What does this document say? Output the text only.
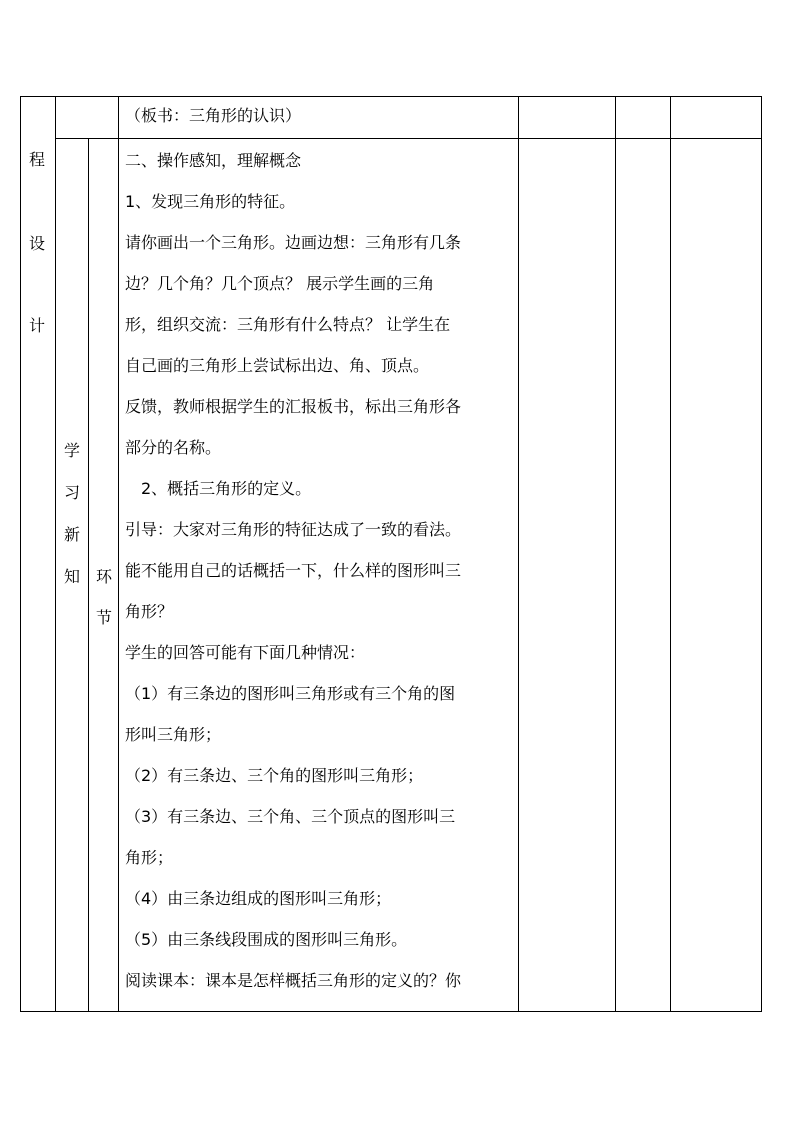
（板书：三角形的认识）
程
设
计
学
习
新
知 环
节

二、操作感知，理解概念

1、发现三角形的特征。

请你画出一个三角形。边画边想：三角形有几条

边？几个角？几个顶点？ 展示学生画的三角

形，组织交流：三角形有什么特点？ 让学生在

自己画的三角形上尝试标出边、角、顶点。

反馈，教师根据学生的汇报板书，标出三角形各

部分的名称。

2、概括三角形的定义。

引导：大家对三角形的特征达成了一致的看法。

能不能用自己的话概括一下，什么样的图形叫三

角形？

学生的回答可能有下面几种情况：

（1）有三条边的图形叫三角形或有三个角的图

形叫三角形；

（2）有三条边、三个角的图形叫三角形；

（3）有三条边、三个角、三个顶点的图形叫三

角形；

（4）由三条边组成的图形叫三角形；

（5）由三条线段围成的图形叫三角形。

阅读课本：课本是怎样概括三角形的定义的？你
